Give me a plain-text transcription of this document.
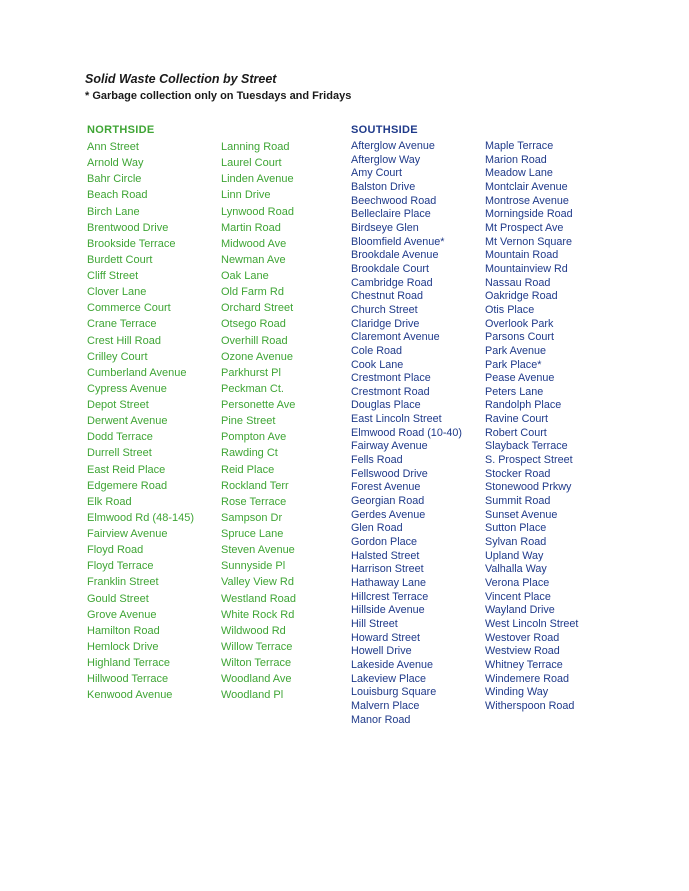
Solid Waste Collection by Street
* Garbage collection only on Tuesdays and Fridays
NORTHSIDE
Ann Street
Arnold Way
Bahr Circle
Beach Road
Birch Lane
Brentwood Drive
Brookside Terrace
Burdett Court
Cliff Street
Clover Lane
Commerce Court
Crane Terrace
Crest Hill Road
Crilley Court
Cumberland Avenue
Cypress Avenue
Depot Street
Derwent Avenue
Dodd Terrace
Durrell Street
East Reid Place
Edgemere Road
Elk Road
Elmwood Rd (48-145)
Fairview Avenue
Floyd Road
Floyd Terrace
Franklin Street
Gould Street
Grove Avenue
Hamilton Road
Hemlock Drive
Highland Terrace
Hillwood Terrace
Kenwood Avenue
Lanning Road
Laurel Court
Linden Avenue
Linn Drive
Lynwood Road
Martin Road
Midwood Ave
Newman Ave
Oak Lane
Old Farm Rd
Orchard Street
Otsego Road
Overhill Road
Ozone Avenue
Parkhurst Pl
Peckman Ct.
Personette Ave
Pine Street
Pompton Ave
Rawding Ct
Reid Place
Rockland Terr
Rose Terrace
Sampson Dr
Spruce Lane
Steven Avenue
Sunnyside Pl
Valley View Rd
Westland Road
White Rock Rd
Wildwood Rd
Willow Terrace
Wilton Terrace
Woodland Ave
Woodland Pl
SOUTHSIDE
Afterglow Avenue
Afterglow Way
Amy Court
Balston Drive
Beechwood Road
Belleclaire Place
Birdseye Glen
Bloomfield Avenue*
Brookdale Avenue
Brookdale Court
Cambridge Road
Chestnut Road
Church Street
Claridge Drive
Claremont Avenue
Cole Road
Cook Lane
Crestmont Place
Crestmont Road
Douglas Place
East Lincoln Street
Elmwood Road (10-40)
Fairway Avenue
Fells Road
Fellswood Drive
Forest Avenue
Georgian Road
Gerdes Avenue
Glen Road
Gordon Place
Halsted Street
Harrison Street
Hathaway Lane
Hillcrest Terrace
Hillside Avenue
Hill Street
Howard Street
Howell Drive
Lakeside Avenue
Lakeview Place
Louisburg Square
Malvern Place
Manor Road
Maple Terrace
Marion Road
Meadow Lane
Montclair Avenue
Montrose Avenue
Morningside Road
Mt Prospect Ave
Mt Vernon Square
Mountain Road
Mountainview Rd
Nassau Road
Oakridge Road
Otis Place
Overlook Park
Parsons Court
Park Avenue
Park Place*
Pease Avenue
Peters Lane
Randolph Place
Ravine Court
Robert Court
Slayback Terrace
S. Prospect Street
Stocker Road
Stonewood Prkwy
Summit Road
Sunset Avenue
Sutton Place
Sylvan Road
Upland Way
Valhalla Way
Verona Place
Vincent Place
Wayland Drive
West Lincoln Street
Westover Road
Westview Road
Whitney Terrace
Windemere Road
Winding Way
Witherspoon Road
